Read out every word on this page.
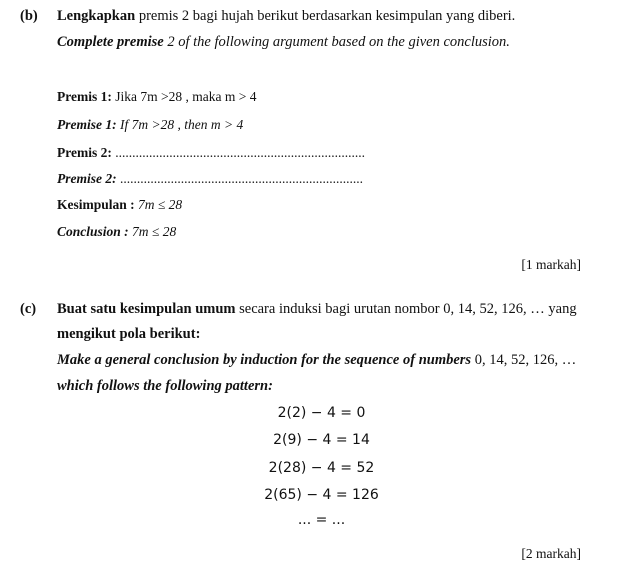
(b) Lengkapkan premis 2 bagi hujah berikut berdasarkan kesimpulan yang diberi.
Complete premise 2 of the following argument based on the given conclusion.
Premis 1: Jika 7m >28 , maka m > 4
Premise 1: If 7m >28 , then m > 4
Premis 2: ..........................................................................
Premise 2: ........................................................................
Kesimpulan : 7m ≤ 28
Conclusion : 7m ≤ 28
[1 markah]
(c) Buat satu kesimpulan umum secara induksi bagi urutan nombor 0, 14, 52, 126, … yang
mengikut pola berikut:
Make a general conclusion by induction for the sequence of numbers 0, 14, 52, 126, …
which follows the following pattern:
2(2) − 4 = 0
2(9) − 4 = 14
2(28) − 4 = 52
2(65) − 4 = 126
... = ...
[2 markah]
